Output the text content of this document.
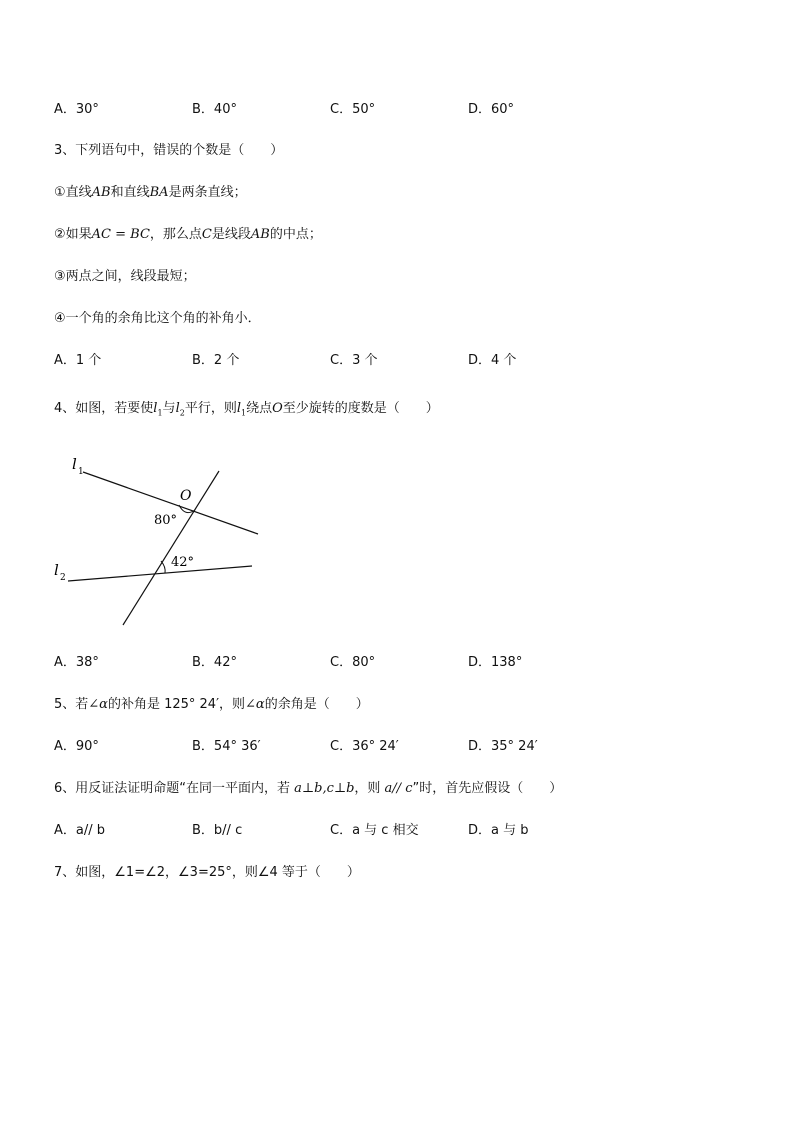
A．30°	B．40°	C．50°	D．60°
3、下列语句中，错误的个数是（　　）
①直线AB和直线BA是两条直线；
②如果AC = BC，那么点C是线段AB的中点；
③两点之间，线段最短；
④一个角的余角比这个角的补角小．
A．1 个	B．2 个	C．3 个	D．4 个
4、如图，若要使$l_1$与$l_2$平行，则$l_1$绕点O至少旋转的度数是（　　）
l 1
l 2
O
80°
42°
A．38°	B．42°	C．80°	D．138°
5、若∠α的补角是 125° 24′，则∠α的余角是（　　）
A．90°	B．54° 36′	C．36° 24′	D．35° 24′
6、用反证法证明命题“在同一平面内，若 a⊥b,c⊥b，则 a// c”时，首先应假设（　　）
A．a// b	B．b// c	C．a 与 c 相交	D．a 与 b
7、如图，∠1=∠2，∠3=25°，则∠4 等于（　　）
